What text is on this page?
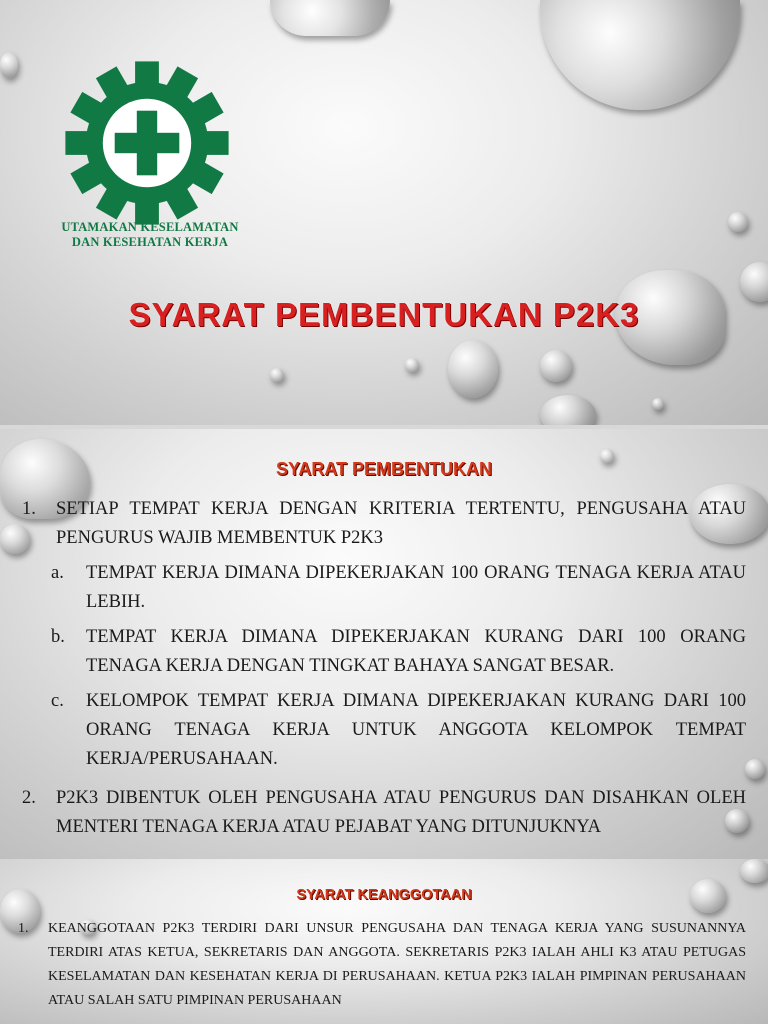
UTAMAKAN KESELAMATAN
DAN KESEHATAN KERJA
SYARAT PEMBENTUKAN P2K3
SYARAT PEMBENTUKAN
1. SETIAP TEMPAT KERJA DENGAN KRITERIA TERTENTU, PENGUSAHA ATAU PENGURUS WAJIB MEMBENTUK P2K3
a. TEMPAT KERJA DIMANA DIPEKERJAKAN 100 ORANG TENAGA KERJA ATAU LEBIH.
b. TEMPAT KERJA DIMANA DIPEKERJAKAN KURANG DARI 100 ORANG TENAGA KERJA DENGAN TINGKAT BAHAYA SANGAT BESAR.
c. KELOMPOK TEMPAT KERJA DIMANA DIPEKERJAKAN KURANG DARI 100 ORANG TENAGA KERJA UNTUK ANGGOTA KELOMPOK TEMPAT KERJA/PERUSAHAAN.
2. P2K3 DIBENTUK OLEH PENGUSAHA ATAU PENGURUS DAN DISAHKAN OLEH MENTERI TENAGA KERJA ATAU PEJABAT YANG DITUNJUKNYA
SYARAT KEANGGOTAAN
1. KEANGGOTAAN P2K3 TERDIRI DARI UNSUR PENGUSAHA DAN TENAGA KERJA YANG SUSUNANNYA TERDIRI ATAS KETUA, SEKRETARIS DAN ANGGOTA. SEKRETARIS P2K3 IALAH AHLI K3 ATAU PETUGAS KESELAMATAN DAN KESEHATAN KERJA DI PERUSAHAAN. KETUA P2K3 IALAH PIMPINAN PERUSAHAAN ATAU SALAH SATU PIMPINAN PERUSAHAAN
